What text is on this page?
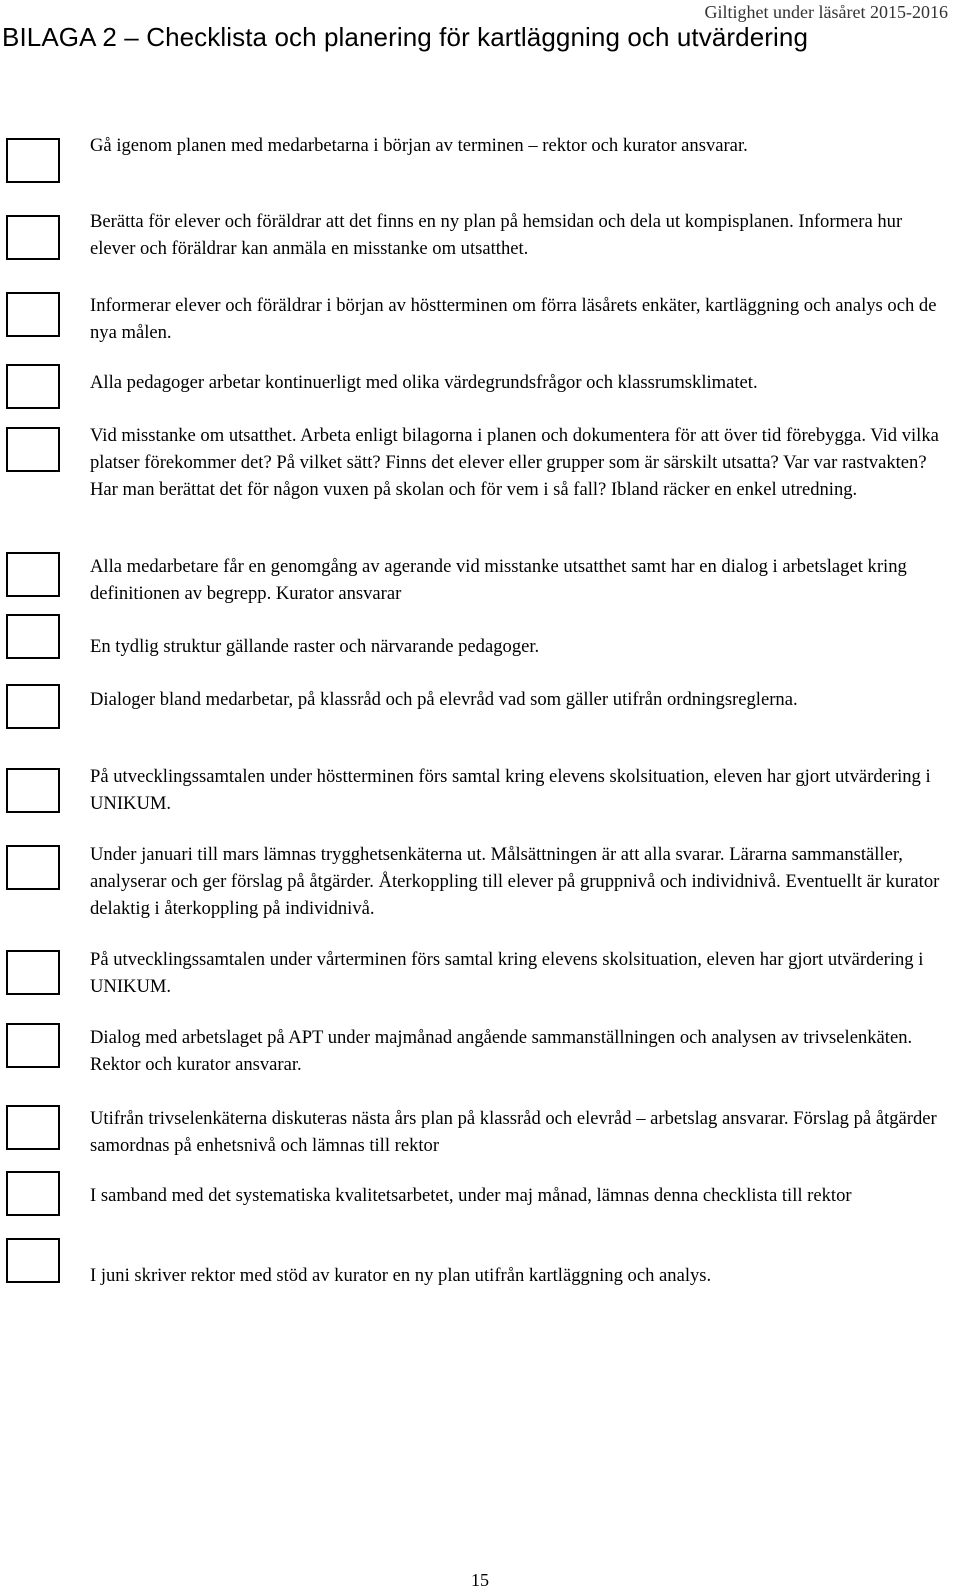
Giltighet under läsåret 2015-2016
BILAGA 2 – Checklista och planering för kartläggning och utvärdering

Gå igenom planen med medarbetarna i början av terminen – rektor och kurator ansvarar.

Berätta för elever och föräldrar att det finns en ny plan på hemsidan och dela ut kompisplanen. Informera hur elever och föräldrar kan anmäla en misstanke om utsatthet.

Informerar elever och föräldrar i början av höstterminen om förra läsårets enkäter, kartläggning och analys och de nya målen.

Alla pedagoger arbetar kontinuerligt med olika värdegrundsfrågor och klassrumsklimatet.

Vid misstanke om utsatthet. Arbeta enligt bilagorna i planen och dokumentera för att över tid förebygga. Vid vilka platser förekommer det? På vilket sätt? Finns det elever eller grupper som är särskilt utsatta? Var var rastvakten? Har man berättat det för någon vuxen på skolan och för vem i så fall? Ibland räcker en enkel utredning.

Alla medarbetare får en genomgång av agerande vid misstanke utsatthet samt har en dialog i arbetslaget kring definitionen av begrepp. Kurator ansvarar

En tydlig struktur gällande raster och närvarande pedagoger.

Dialoger bland medarbetar, på klassråd och på elevråd vad som gäller utifrån ordningsreglerna.

På utvecklingssamtalen under höstterminen förs samtal kring elevens skolsituation, eleven har gjort utvärdering i UNIKUM.

Under januari till mars lämnas trygghetsenkäterna ut. Målsättningen är att alla svarar. Lärarna sammanställer, analyserar och ger förslag på åtgärder. Återkoppling till elever på gruppnivå och individnivå. Eventuellt är kurator delaktig i återkoppling på individnivå.

På utvecklingssamtalen under vårterminen förs samtal kring elevens skolsituation, eleven har gjort utvärdering i UNIKUM.

Dialog med arbetslaget på APT under majmånad angående sammanställningen och analysen av trivselenkäten. Rektor och kurator ansvarar.

Utifrån trivselenkäterna diskuteras nästa års plan på klassråd och elevråd – arbetslag ansvarar. Förslag på åtgärder samordnas på enhetsnivå och lämnas till rektor

I samband med det systematiska kvalitetsarbetet, under maj månad, lämnas denna checklista till rektor

I juni skriver rektor med stöd av kurator en ny plan utifrån kartläggning och analys.

15
